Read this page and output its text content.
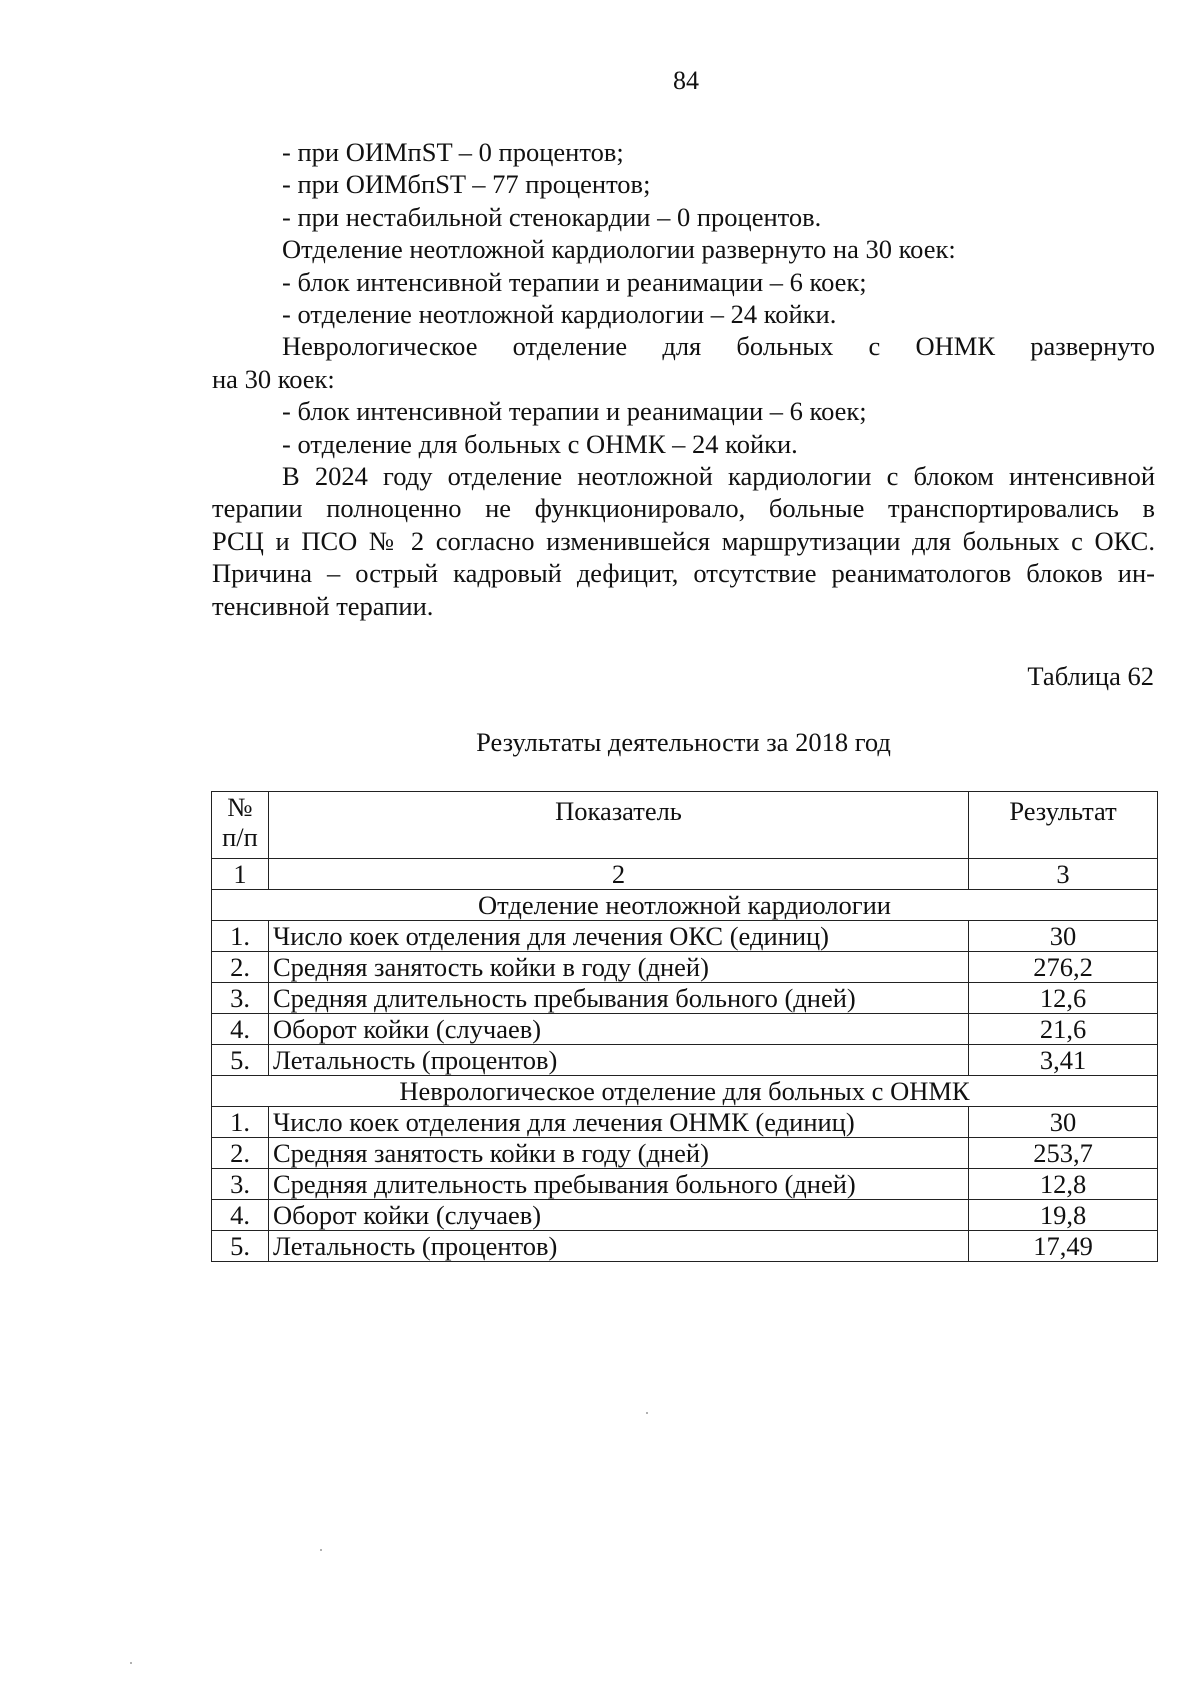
84
- при ОИМпST – 0 процентов;
- при ОИМбпST – 77 процентов;
- при нестабильной стенокардии – 0 процентов.
Отделение неотложной кардиологии развернуто на 30 коек:
- блок интенсивной терапии и реанимации – 6 коек;
- отделение неотложной кардиологии – 24 койки.
Неврологическое отделение для больных с ОНМК развернуто
на 30 коек:
- блок интенсивной терапии и реанимации – 6 коек;
- отделение для больных с ОНМК – 24 койки.
В 2024 году отделение неотложной кардиологии с блоком интенсивной
терапии полноценно не функционировало, больные транспортировались в
РСЦ и ПСО № 2 согласно изменившейся маршрутизации для больных с ОКС.
Причина – острый кадровый дефицит, отсутствие реаниматологов блоков ин-
тенсивной терапии.
Таблица 62
Результаты деятельности за 2018 год
№ п/п	Показатель	Результат
1	2	3
Отделение неотложной кардиологии		
1.	Число коек отделения для лечения ОКС (единиц)	30
2.	Средняя занятость койки в году (дней)	276,2
3.	Средняя длительность пребывания больного (дней)	12,6
4.	Оборот койки (случаев)	21,6
5.	Летальность (процентов)	3,41
Неврологическое отделение для больных с ОНМК		
1.	Число коек отделения для лечения ОНМК (единиц)	30
2.	Средняя занятость койки в году (дней)	253,7
3.	Средняя длительность пребывания больного (дней)	12,8
4.	Оборот койки (случаев)	19,8
5.	Летальность (процентов)	17,49
